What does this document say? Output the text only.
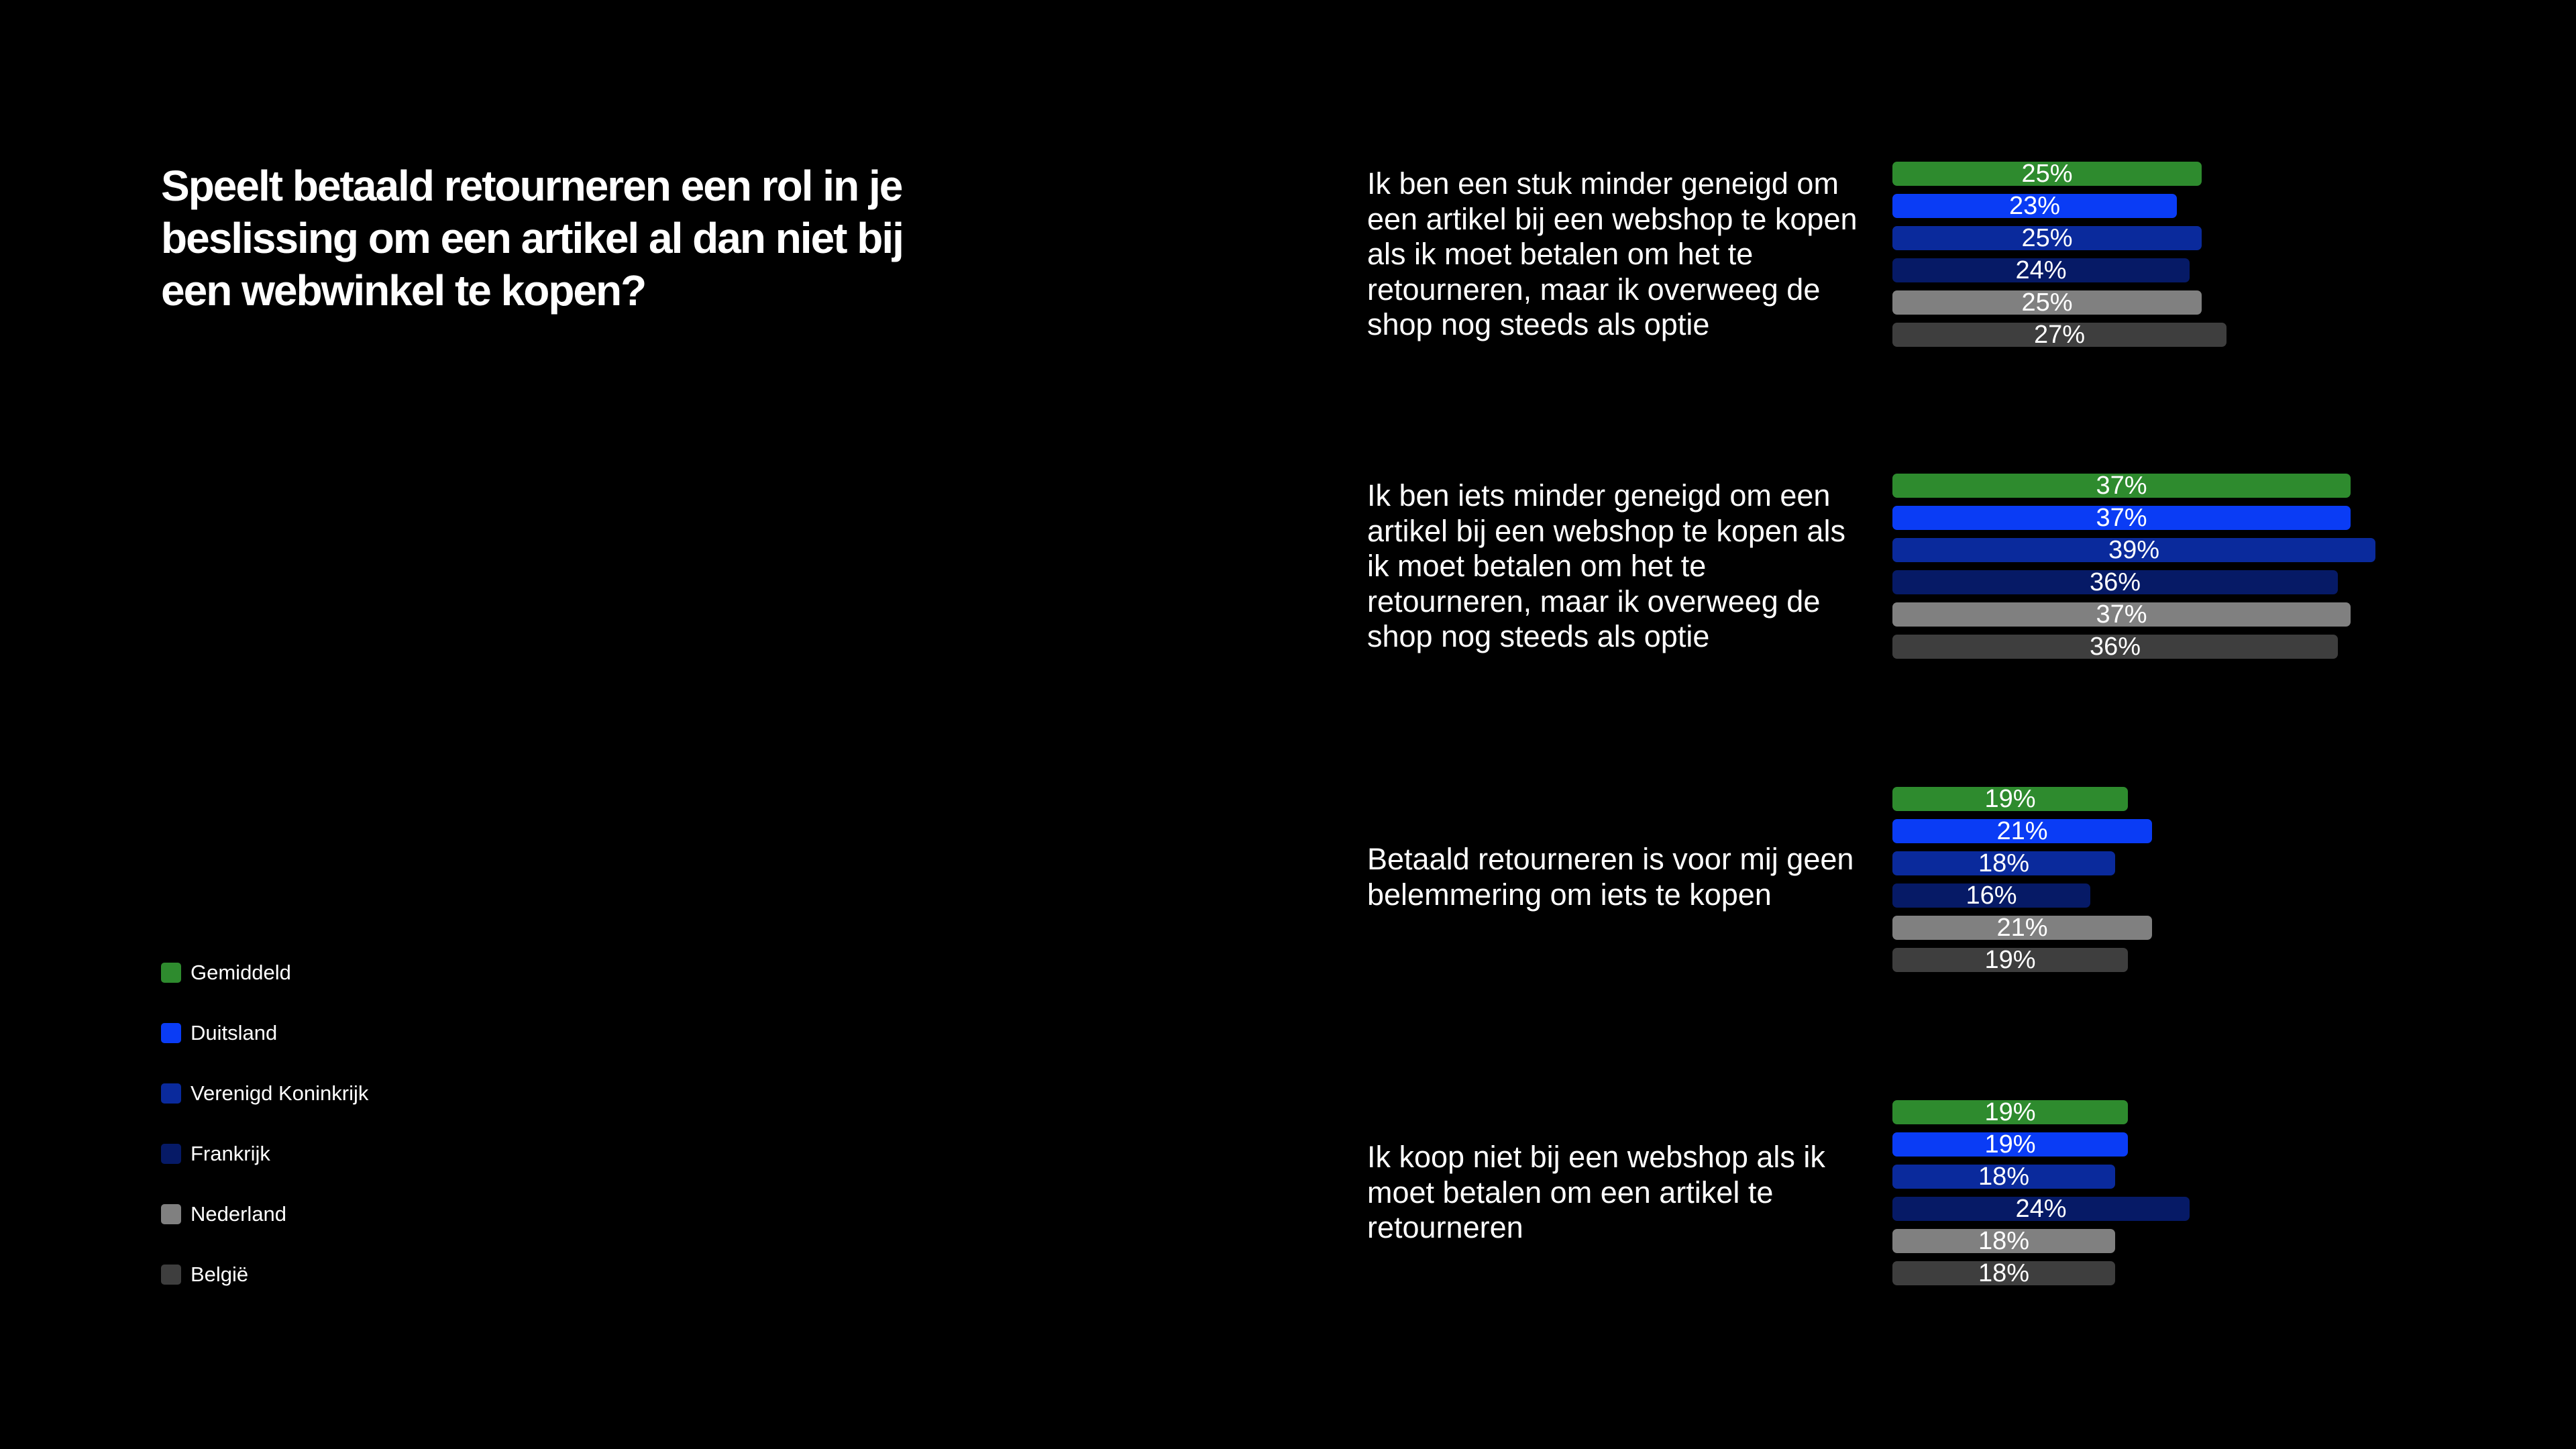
Speelt betaald retourneren een rol in je beslissing om een artikel al dan niet bij een webwinkel te kopen?
Gemiddeld
Duitsland
Verenigd Koninkrijk
Frankrijk
Nederland
België

Ik ben een stuk minder geneigd om een artikel bij een webshop te kopen als ik moet betalen om het te retourneren, maar ik overweeg de shop nog steeds als optie

Ik ben iets minder geneigd om een artikel bij een webshop te kopen als ik moet betalen om het te retourneren, maar ik overweeg de shop nog steeds als optie

Betaald retourneren is voor mij geen belemmering om iets te kopen

Ik koop niet bij een webshop als ik moet betalen om een artikel te retourneren

25%
23%
25%
24%
25%
27%
37%
37%
39%
36%
37%
36%
19%
21%
18%
16%
21%
19%
19%
19%
18%
24%
18%
18%
